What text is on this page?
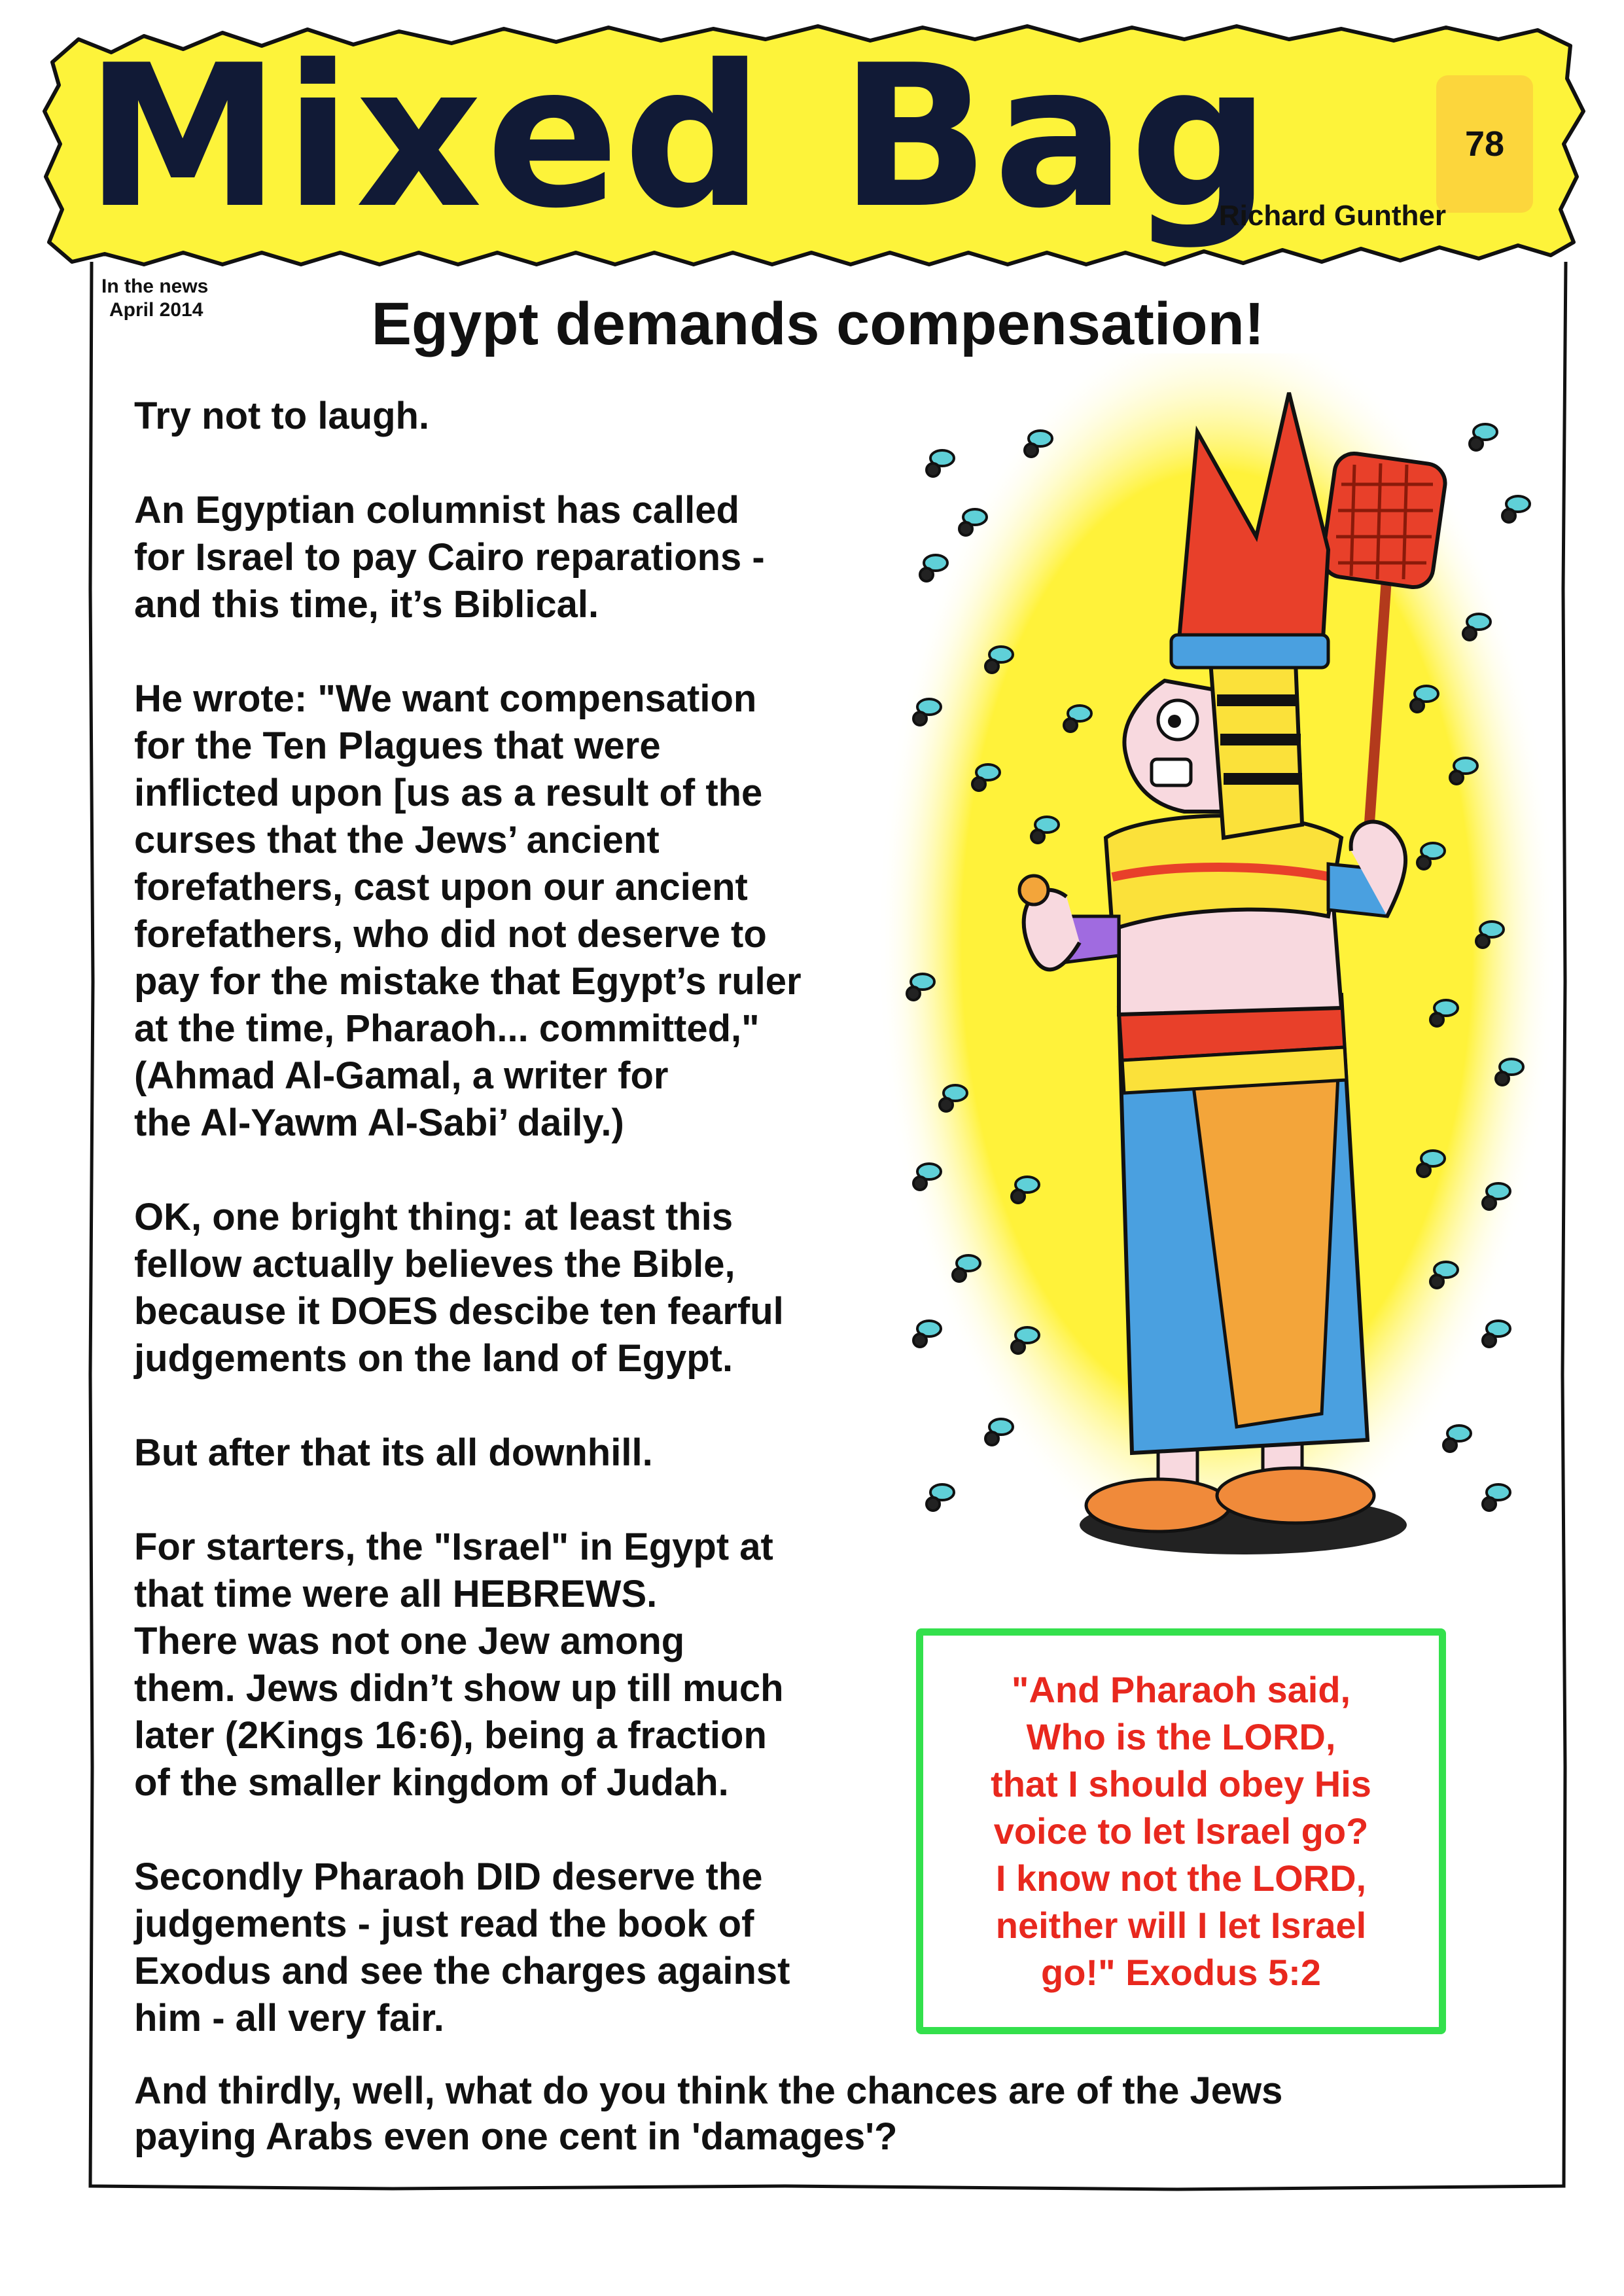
Mixed Bag	78
Richard Gunther
In the news
April 2014	Egypt demands compensation!

Try not to laugh.

An Egyptian columnist has called
for Israel to pay Cairo reparations -
and this time, it’s Biblical.

He wrote: "We want compensation
for the Ten Plagues that were
inflicted upon [us as a result of the
curses that the Jews’ ancient
forefathers, cast upon our ancient
forefathers, who did not deserve to
pay for the mistake that Egypt’s ruler
at the time, Pharaoh... committed,"
(Ahmad Al-Gamal, a writer for
the Al-Yawm Al-Sabi’ daily.)

OK, one bright thing: at least this
fellow actually believes the Bible,
because it DOES descibe ten fearful
judgements on the land of Egypt.

But after that its all downhill.

For starters, the "Israel" in Egypt at
that time were all HEBREWS.
There was not one Jew among
them. Jews didn’t show up till much
later (2Kings 16:6), being a fraction
of the smaller kingdom of Judah.

Secondly Pharaoh DID deserve the
judgements - just read the book of
Exodus and see the charges against
him - all very fair.

And thirdly, well, what do you think the chances are of the Jews
paying Arabs even one cent in 'damages'?
"And Pharaoh said,
Who is the LORD,
that I should obey His
voice to let Israel go?
I know not the LORD,
neither will I let Israel
go!" Exodus 5:2
